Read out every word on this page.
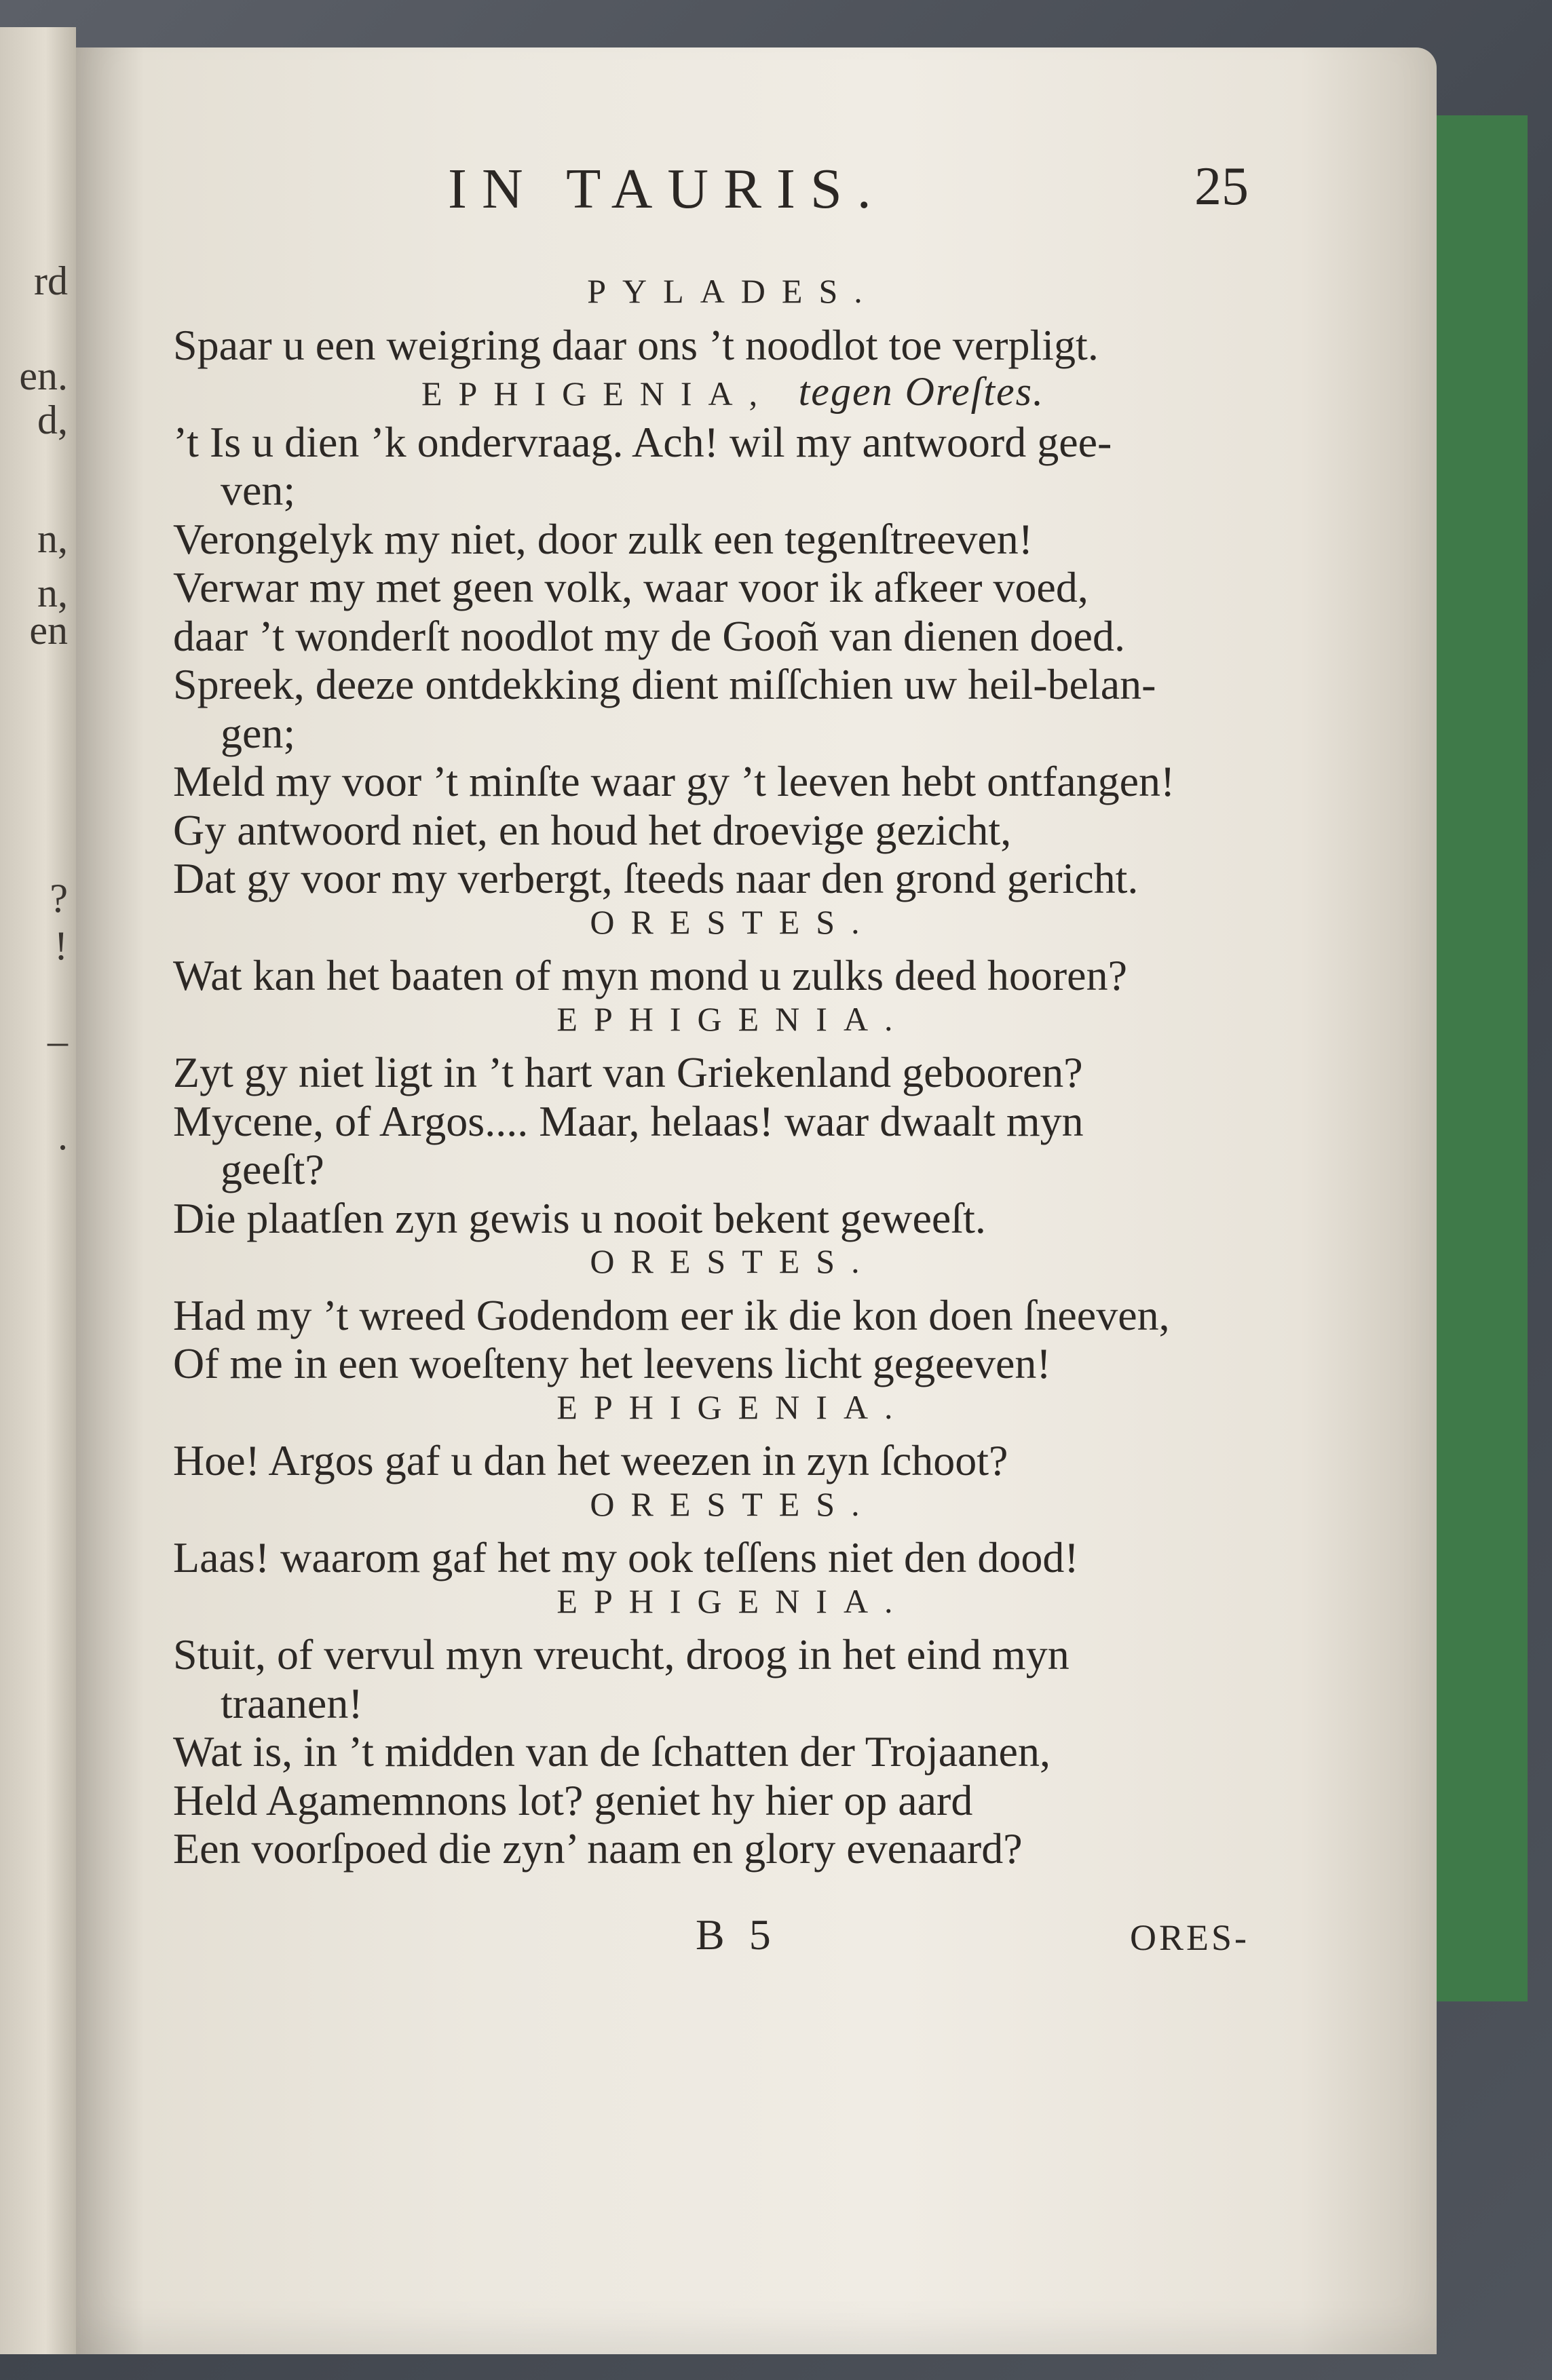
rd
en.
d,
n,
n,
en
?
!
–
.
IN TAURIS.	25
PYLADES.
Spaar u een weigring daar ons ’t noodlot toe verpligt.
EPHIGENIA, tegen Oreſtes.
’t Is u dien ’k ondervraag. Ach! wil my antwoord gee-
ven;
Verongelyk my niet, door zulk een tegenſtreeven!
Verwar my met geen volk, waar voor ik afkeer voed,
daar ’t wonderſt noodlot my de Gooñ van dienen doed.
Spreek, deeze ontdekking dient miſſchien uw heil-belan-
gen;
Meld my voor ’t minſte waar gy ’t leeven hebt ontfangen!
Gy antwoord niet, en houd het droevige gezicht,
Dat gy voor my verbergt, ſteeds naar den grond gericht.
ORESTES.
Wat kan het baaten of myn mond u zulks deed hooren?
EPHIGENIA.
Zyt gy niet ligt in ’t hart van Griekenland gebooren?
Mycene, of Argos.... Maar, helaas! waar dwaalt myn
geeſt?
Die plaatſen zyn gewis u nooit bekent geweeſt.
ORESTES.
Had my ’t wreed Godendom eer ik die kon doen ſneeven,
Of me in een woeſteny het leevens licht gegeeven!
EPHIGENIA.
Hoe! Argos gaf u dan het weezen in zyn ſchoot?
ORESTES.
Laas! waarom gaf het my ook teſſens niet den dood!
EPHIGENIA.
Stuit, of vervul myn vreucht, droog in het eind myn
traanen!
Wat is, in ’t midden van de ſchatten der Trojaanen,
Held Agamemnons lot? geniet hy hier op aard
Een voorſpoed die zyn’ naam en glory evenaard?
B 5	ORES-
